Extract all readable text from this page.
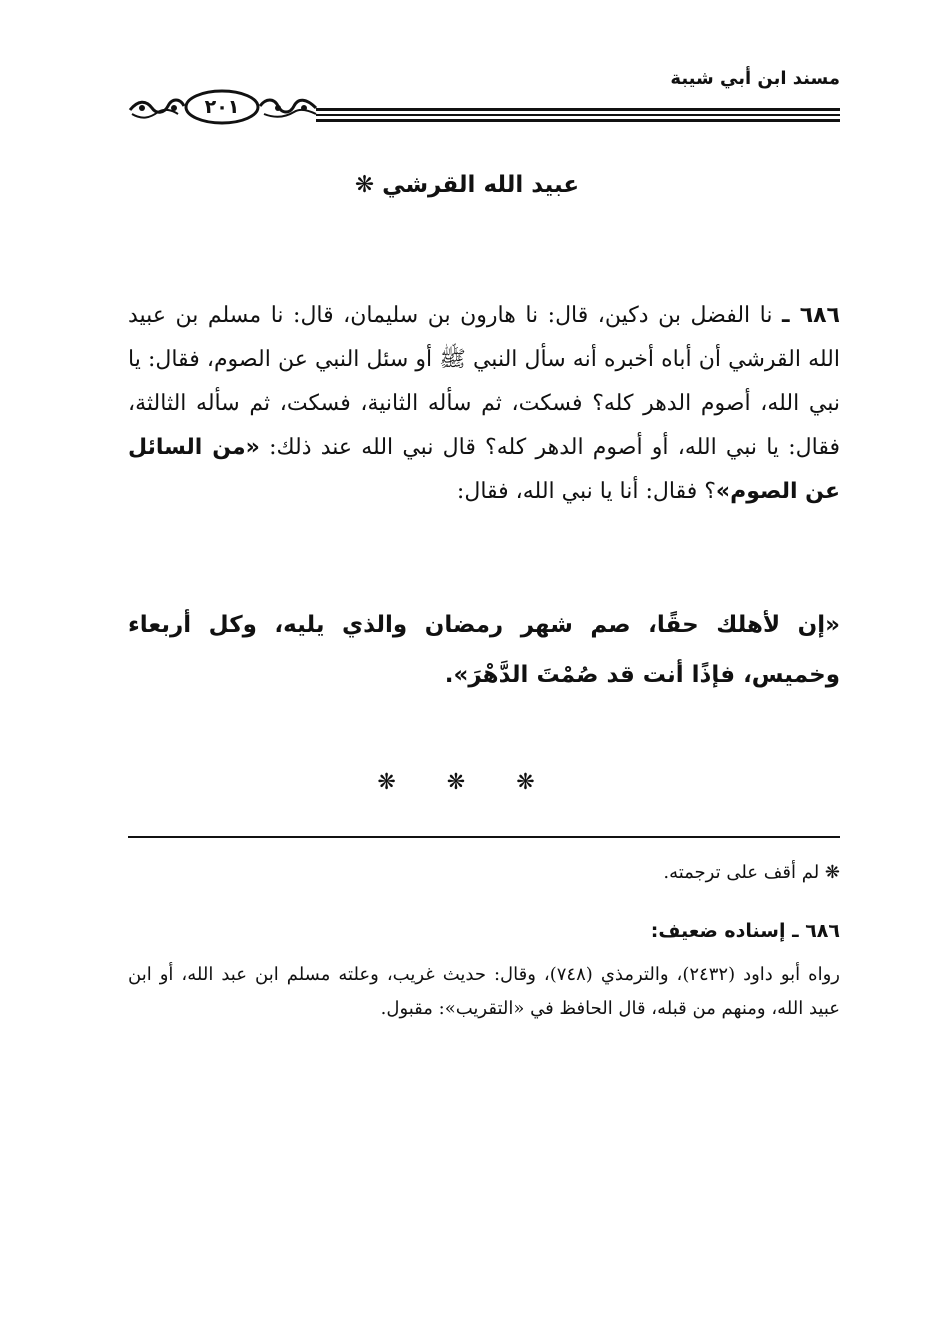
مسند ابن أبي شيبة
٢٠١
عبيد الله القرشي ❋

٦٨٦ ـ نا الفضل بن دكين، قال: نا هارون بن سليمان، قال: نا مسلم بن عبيد الله القرشي أن أباه أخبره أنه سأل النبي ﷺ أو سئل النبي عن الصوم، فقال: يا نبي الله، أصوم الدهر كله؟ فسكت، ثم سأله الثانية، فسكت، ثم سأله الثالثة، فقال: يا نبي الله، أو أصوم الدهر كله؟ قال نبي الله عند ذلك: «من السائل عن الصوم»؟ فقال: أنا يا نبي الله، فقال:

«إن لأهلك حقًا، صم شهر رمضان والذي يليه، وكل أربعاء وخميس، فإذًا أنت قد صُمْتَ الدَّهْرَ».

❋ ❋ ❋
❋ لم أقف على ترجمته.
٦٨٦ ـ إسناده ضعيف:

رواه أبو داود (٢٤٣٢)، والترمذي (٧٤٨)، وقال: حديث غريب، وعلته مسلم ابن عبد الله، أو ابن عبيد الله، ومنهم من قبله، قال الحافظ في «التقريب»: مقبول.
